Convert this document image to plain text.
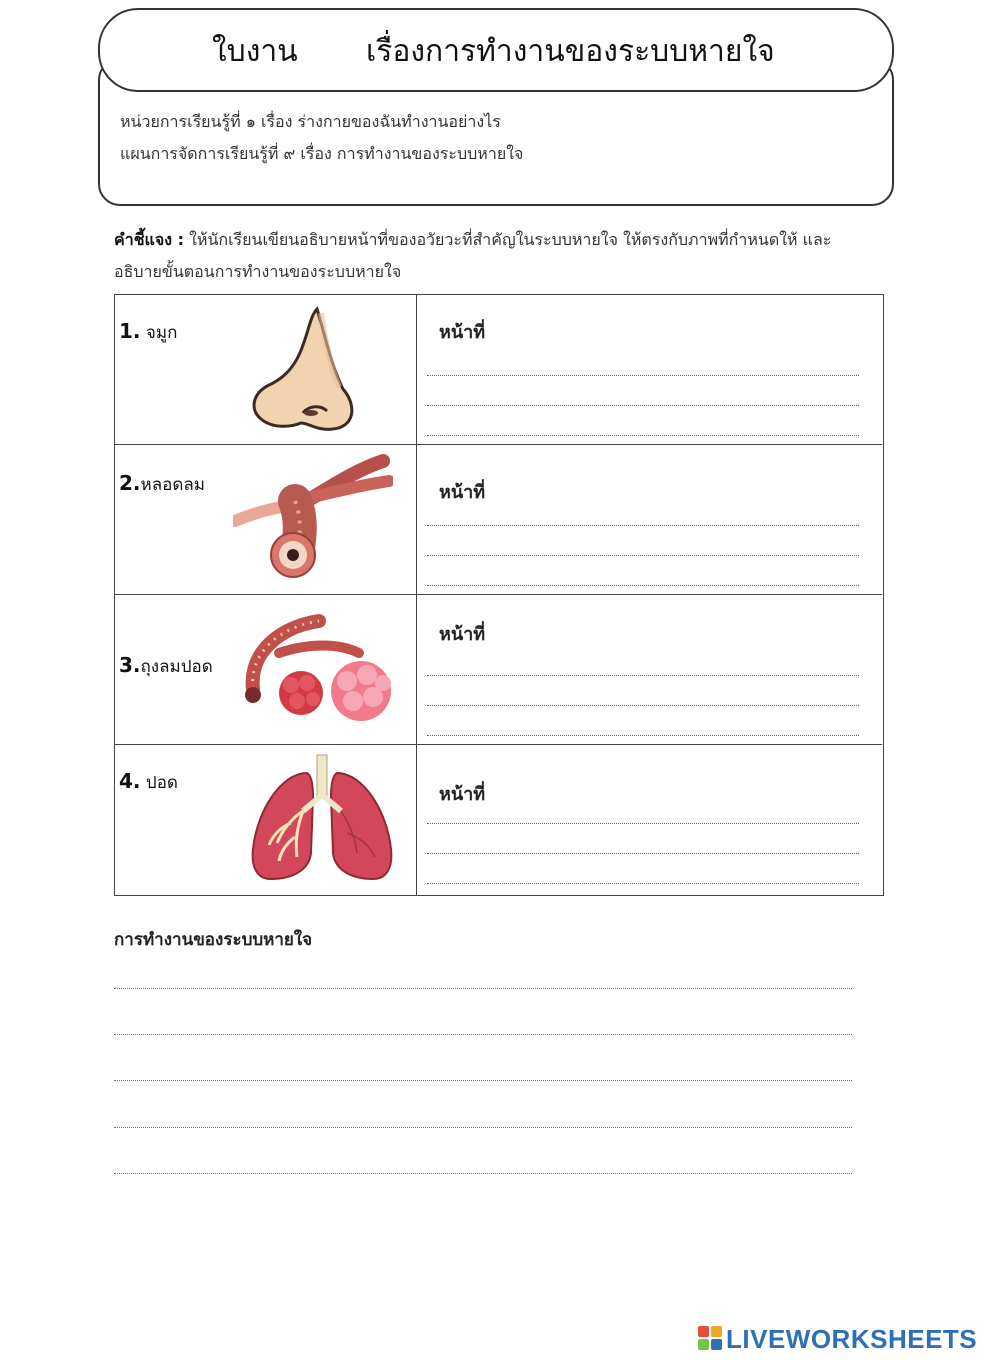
หน่วยการเรียนรู้ที่ ๑ เรื่อง ร่างกายของฉันทำงานอย่างไร
แผนการจัดการเรียนรู้ที่ ๙ เรื่อง การทำงานของระบบหายใจ
ใบงาน เรื่องการทำงานของระบบหายใจ
คำชี้แจง : ให้นักเรียนเขียนอธิบายหน้าที่ของอวัยวะที่สำคัญในระบบหายใจ ให้ตรงกับภาพที่กำหนดให้ และอธิบายขั้นตอนการทำงานของระบบหายใจ
1. จมูก	หน้าที่
2.หลอดลม	หน้าที่
3.ถุงลมปอด
หน้าที่
4. ปอด
หน้าที่
การทำงานของระบบหายใจ
LIVEWORKSHEETS
